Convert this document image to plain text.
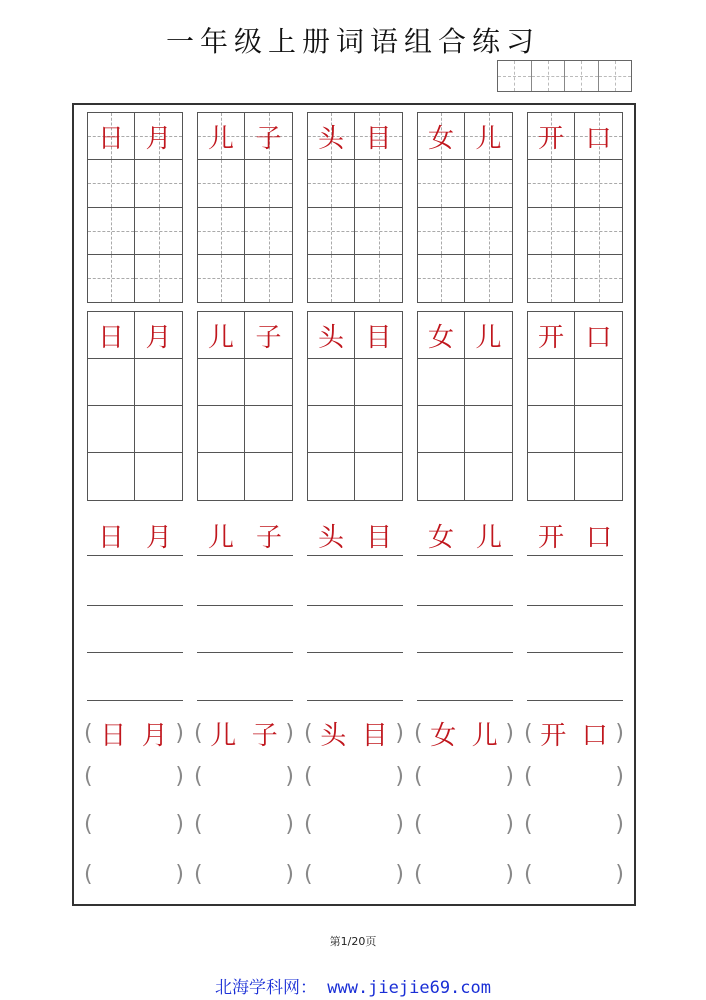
一年级上册词语组合练习
日 月
日 月
日 月
( 日 月 )
(	)
(	)
(	)
儿 子
儿 子
儿 子
( 儿 子 )
(	)
(	)
(	)
头 目
头 目
头 目
( 头 目 )
(	)
(	)
(	)
女 儿
女 儿
女 儿
( 女 儿 )
(	)
(	)
(	)
开 口
开 口
开 口
( 开 口 )
(	)
(	)
(	)
第1/20页
北海学科网： www.jiejie69.com
